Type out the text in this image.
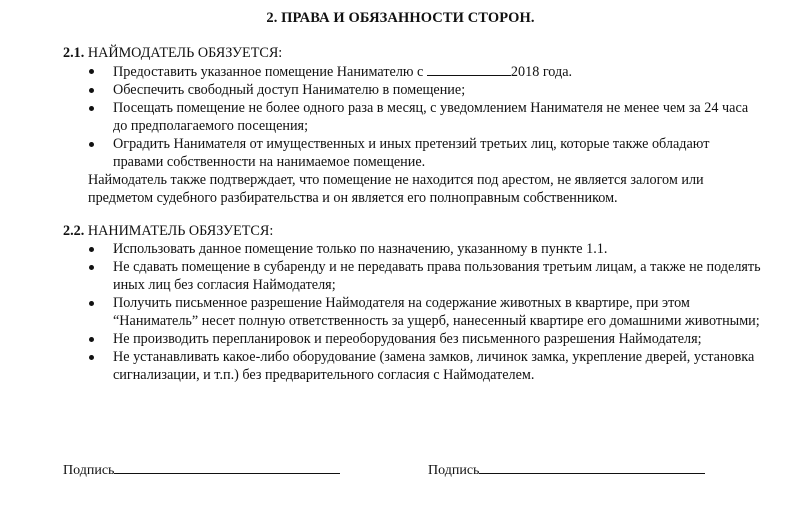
2. ПРАВА И ОБЯЗАННОСТИ СТОРОН.
2.1. НАЙМОДАТЕЛЬ ОБЯЗУЕТСЯ:
Предоставить указанное помещение Нанимателю с	2018 года.
Обеспечить свободный доступ Нанимателю в помещение;
Посещать помещение не более одного раза в месяц, с уведомлением Нанимателя не менее чем за 24 часа до предполагаемого посещения;
Оградить Нанимателя от имущественных и иных претензий третьих лиц, которые также обладают правами собственности на нанимаемое помещение.
Наймодатель также подтверждает, что помещение не находится под арестом, не является залогом или предметом судебного разбирательства и он является его полноправным собственником.
2.2. НАНИМАТЕЛЬ ОБЯЗУЕТСЯ:
Использовать данное помещение только по назначению, указанному в пункте 1.1.
Не сдавать помещение в субаренду и не передавать права пользования третьим лицам, а также не поделять иных лиц без согласия Наймодателя;
Получить письменное разрешение Наймодателя на содержание животных в квартире, при этом “Наниматель” несет полную ответственность за ущерб, нанесенный квартире его домашними животными;
Не производить перепланировок и переоборудования без письменного разрешения Наймодателя;
Не устанавливать какое-либо оборудование (замена замков, личинок замка, укрепление дверей, установка сигнализации, и т.п.) без предварительного согласия с Наймодателем.
Подпись	Подпись
